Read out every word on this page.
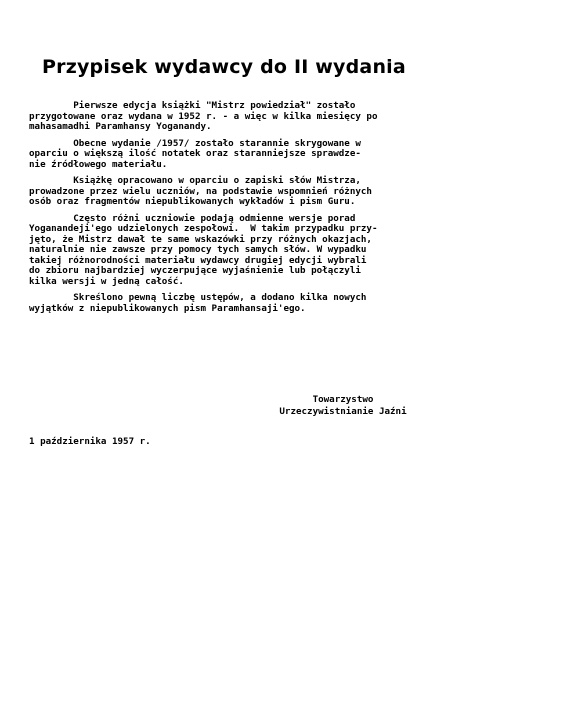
Przypisek wydawcy do II wydania

Pierwsze edycja książki "Mistrz powiedział" zostało
przygotowane oraz wydana w 1952 r. - a więc w kilka miesięcy po
mahasamadhi Paramhansy Yoganandy.

Obecne wydanie /1957/ zostało starannie skrygowane w
oparciu o większą ilość notatek oraz staranniejsze sprawdze-
nie źródłowego materiału.

Książkę opracowano w oparciu o zapiski słów Mistrza,
prowadzone przez wielu uczniów, na podstawie wspomnień różnych
osób oraz fragmentów niepublikowanych wykładów i pism Guru.

Często różni uczniowie podają odmienne wersje porad
Yoganandeji'ego udzielonych zespołowi.  W takim przypadku przy-
jęto, że Mistrz dawał te same wskazówki przy różnych okazjach,
naturalnie nie zawsze przy pomocy tych samych słów. W wypadku
takiej różnorodności materiału wydawcy drugiej edycji wybrali
do zbioru najbardziej wyczerpujące wyjaśnienie lub połączyli
kilka wersji w jedną całość.

Skreślono pewną liczbę ustępów, a dodano kilka nowych
wyjątków z niepublikowanych pism Paramhansaji'ego.

Towarzystwo
Urzeczywistnianie Jaźni
1 października 1957 r.
